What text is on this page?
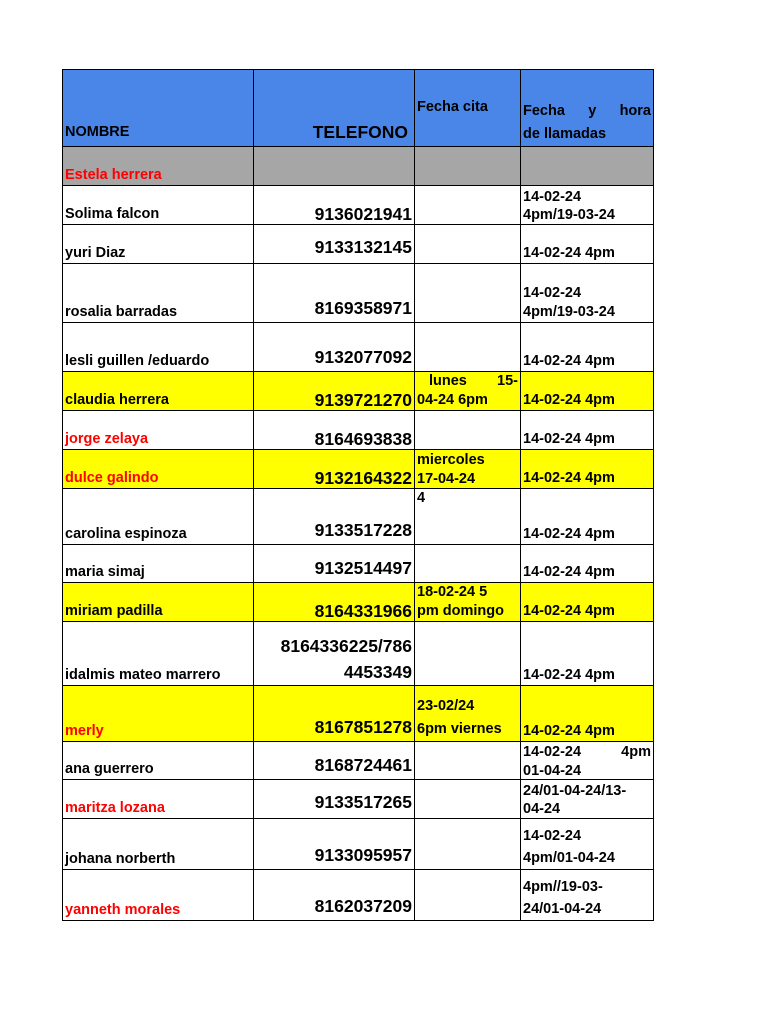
NOMBRE	TELEFONO	Fecha cita	Fecha y hora
de llamadas
Estela herrera			
Solima falcon	9136021941		14-02-24
4pm/19-03-24

yuri Diaz	9133132145		14-02-24 4pm
rosalia barradas	8169358971		14-02-24
4pm/19-03-24
lesli guillen /eduardo	9132077092		14-02-24 4pm
claudia herrera	9139721270	lunes 15-
04-24 6pm	14-02-24 4pm
jorge zelaya	8164693838		14-02-24 4pm
dulce galindo	9132164322	miercoles
17-04-24
4	14-02-24 4pm
carolina espinoza	9133517228		14-02-24 4pm
maria simaj	9132514497		14-02-24 4pm
miriam padilla	8164331966	18-02-24 5
pm domingo	14-02-24 4pm
idalmis mateo marrero	8164336225/786
4453349		14-02-24 4pm
merly	8167851278	23-02/24
6pm viernes	14-02-24 4pm
ana guerrero	8168724461		14-02-24 4pm
01-04-24

maritza lozana	9133517265		24/01-04-24/13-
04-24

johana norberth	9133095957		14-02-24
4pm/01-04-24
yanneth morales	8162037209		4pm//19-03-
24/01-04-24
